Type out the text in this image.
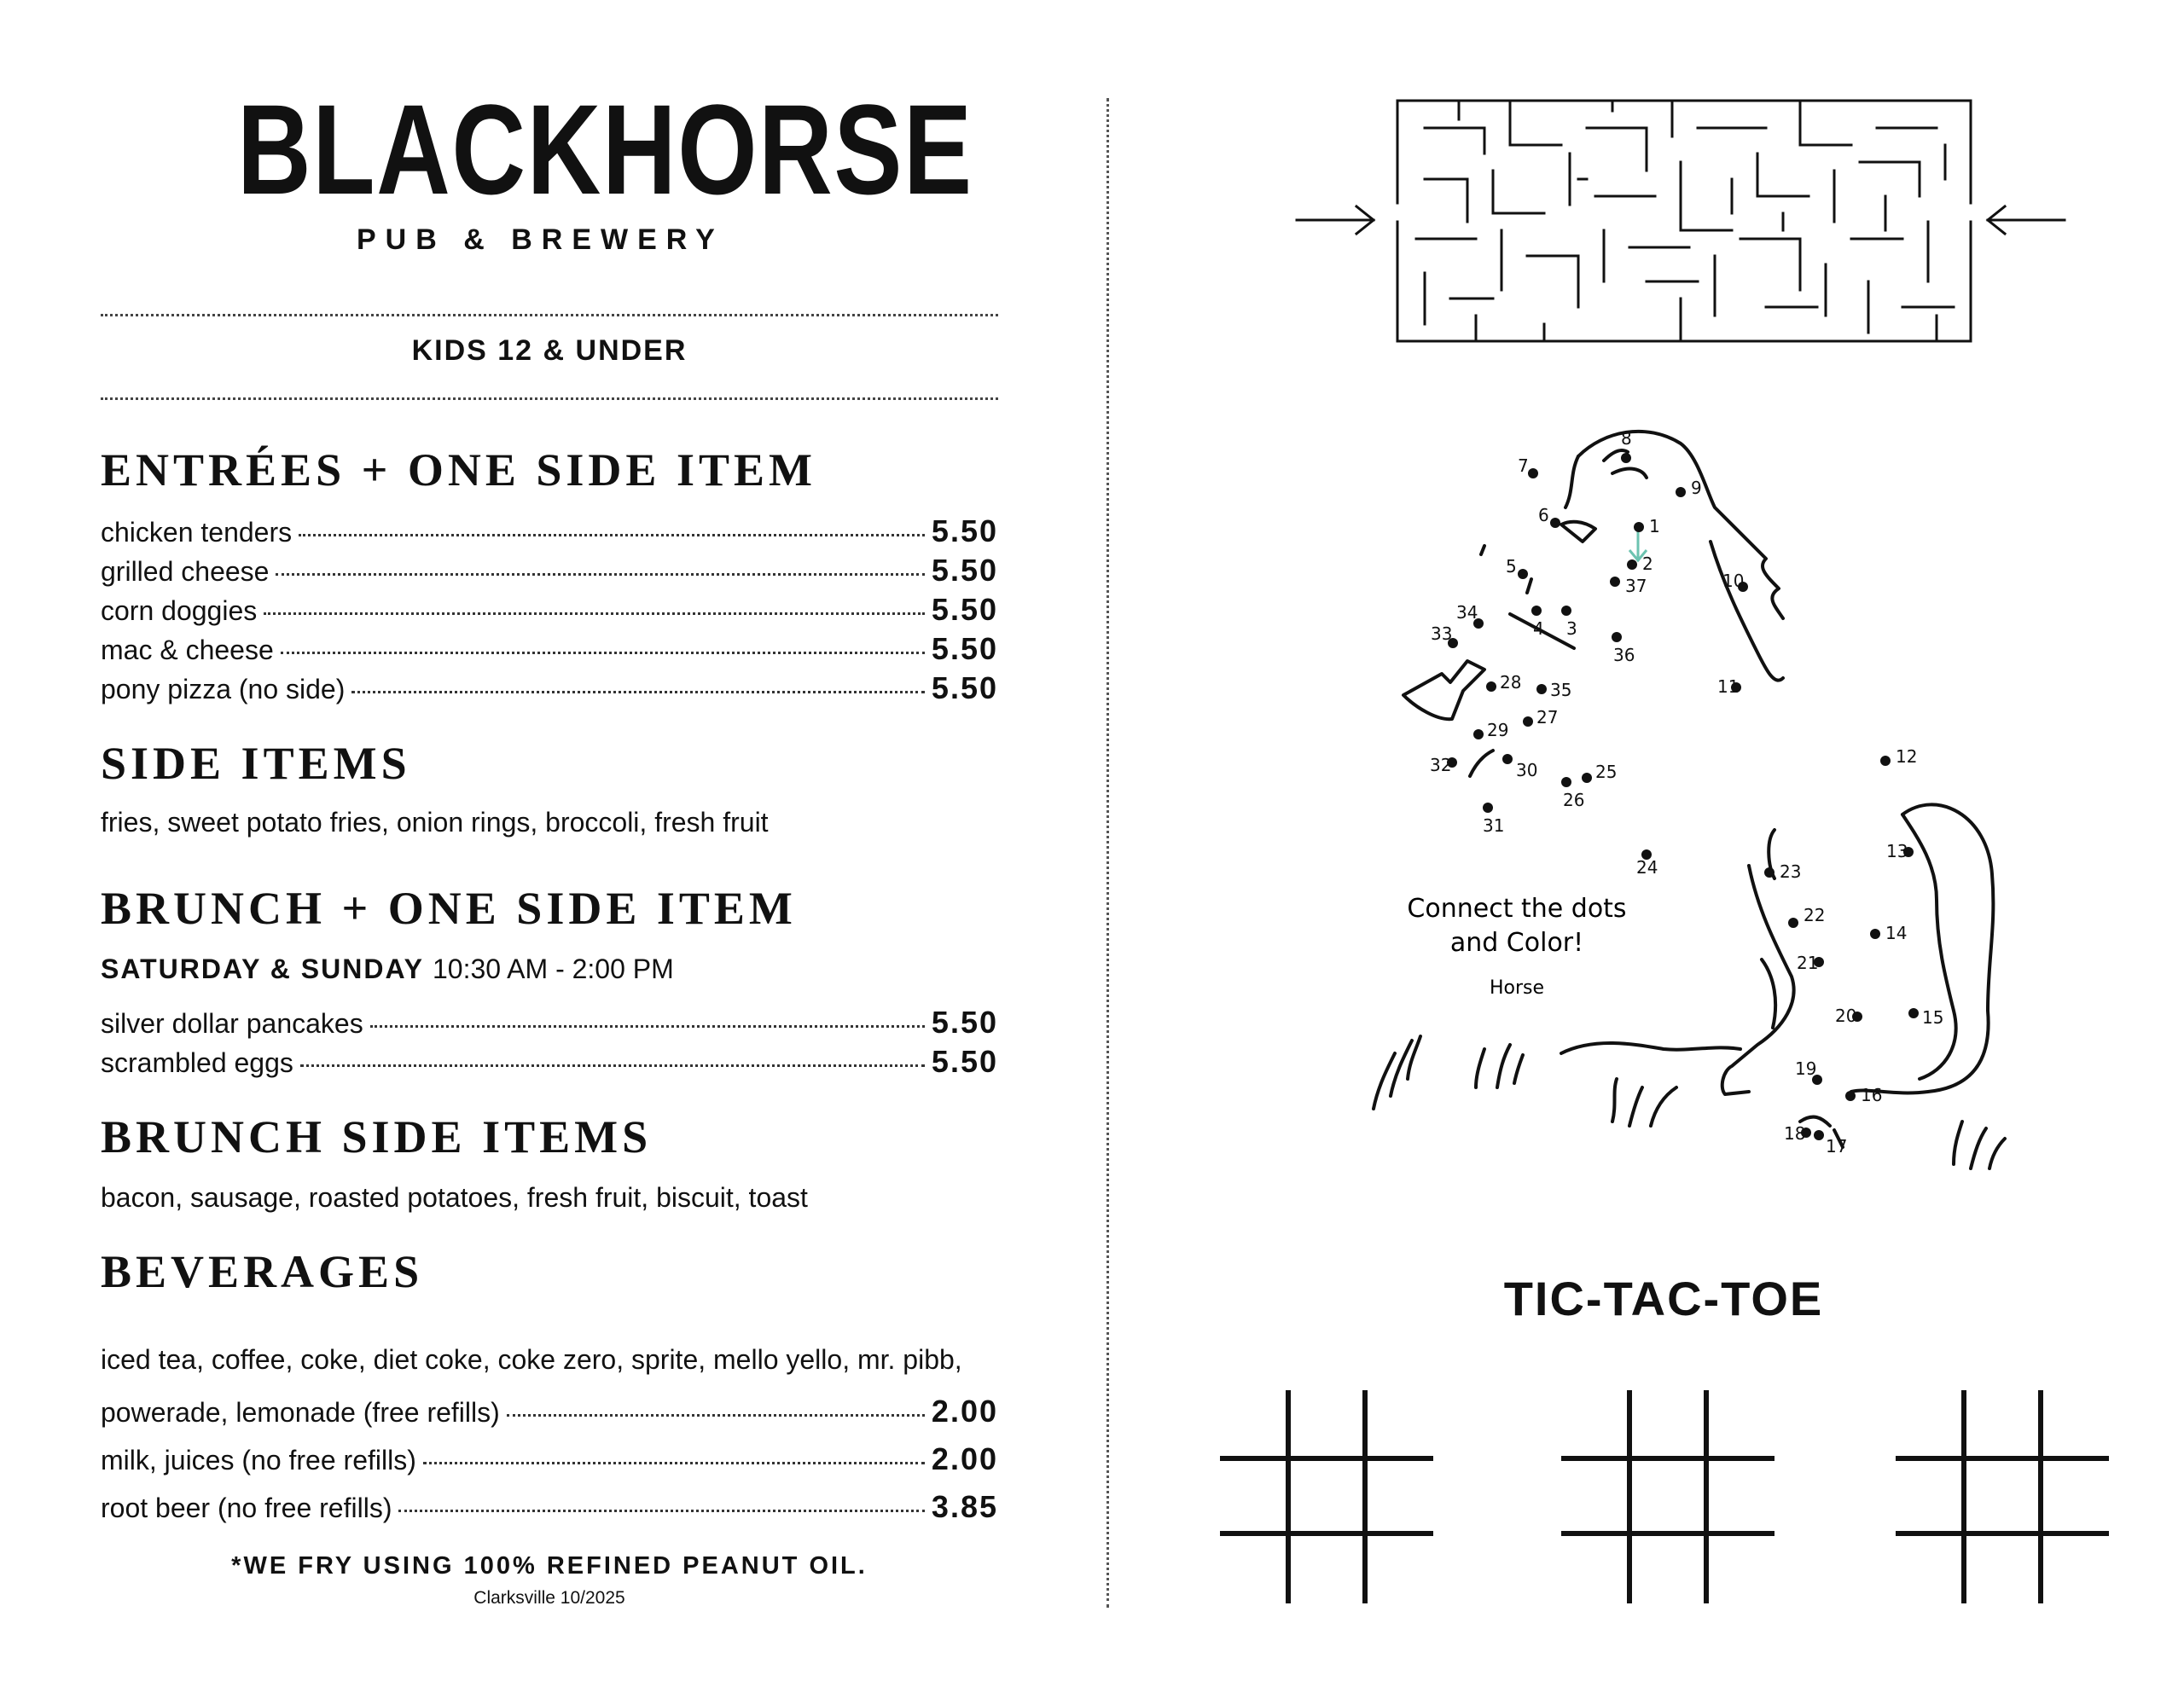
BLACKHORSE
PUB & BREWERY
KIDS 12 & UNDER
ENTRÉES + ONE SIDE ITEM
chicken tenders	5.50
grilled cheese	5.50
corn doggies	5.50
mac & cheese	5.50
pony pizza (no side)	5.50
SIDE ITEMS
fries, sweet potato fries, onion rings, broccoli, fresh fruit
BRUNCH + ONE SIDE ITEM
SATURDAY & SUNDAY 10:30 AM - 2:00 PM
silver dollar pancakes	5.50
scrambled eggs	5.50
BRUNCH SIDE ITEMS
bacon, sausage, roasted potatoes, fresh fruit, biscuit, toast
BEVERAGES
iced tea, coffee, coke, diet coke, coke zero, sprite, mello yello, mr. pibb,
powerade, lemonade (free refills)	2.00
milk, juices (no free refills)	2.00
root beer (no free refills)	3.85
*WE FRY USING 100% REFINED PEANUT OIL.
Clarksville 10/2025
1
2
3
4
5
6
7
8
9
10
11
12
13
14
15
16
17
18
19
20
21
22
23
24
25
26
27
28
29
30
31
32
33
34
35
36
37
Connect the dots
and Color!
Horse
TIC-TAC-TOE
